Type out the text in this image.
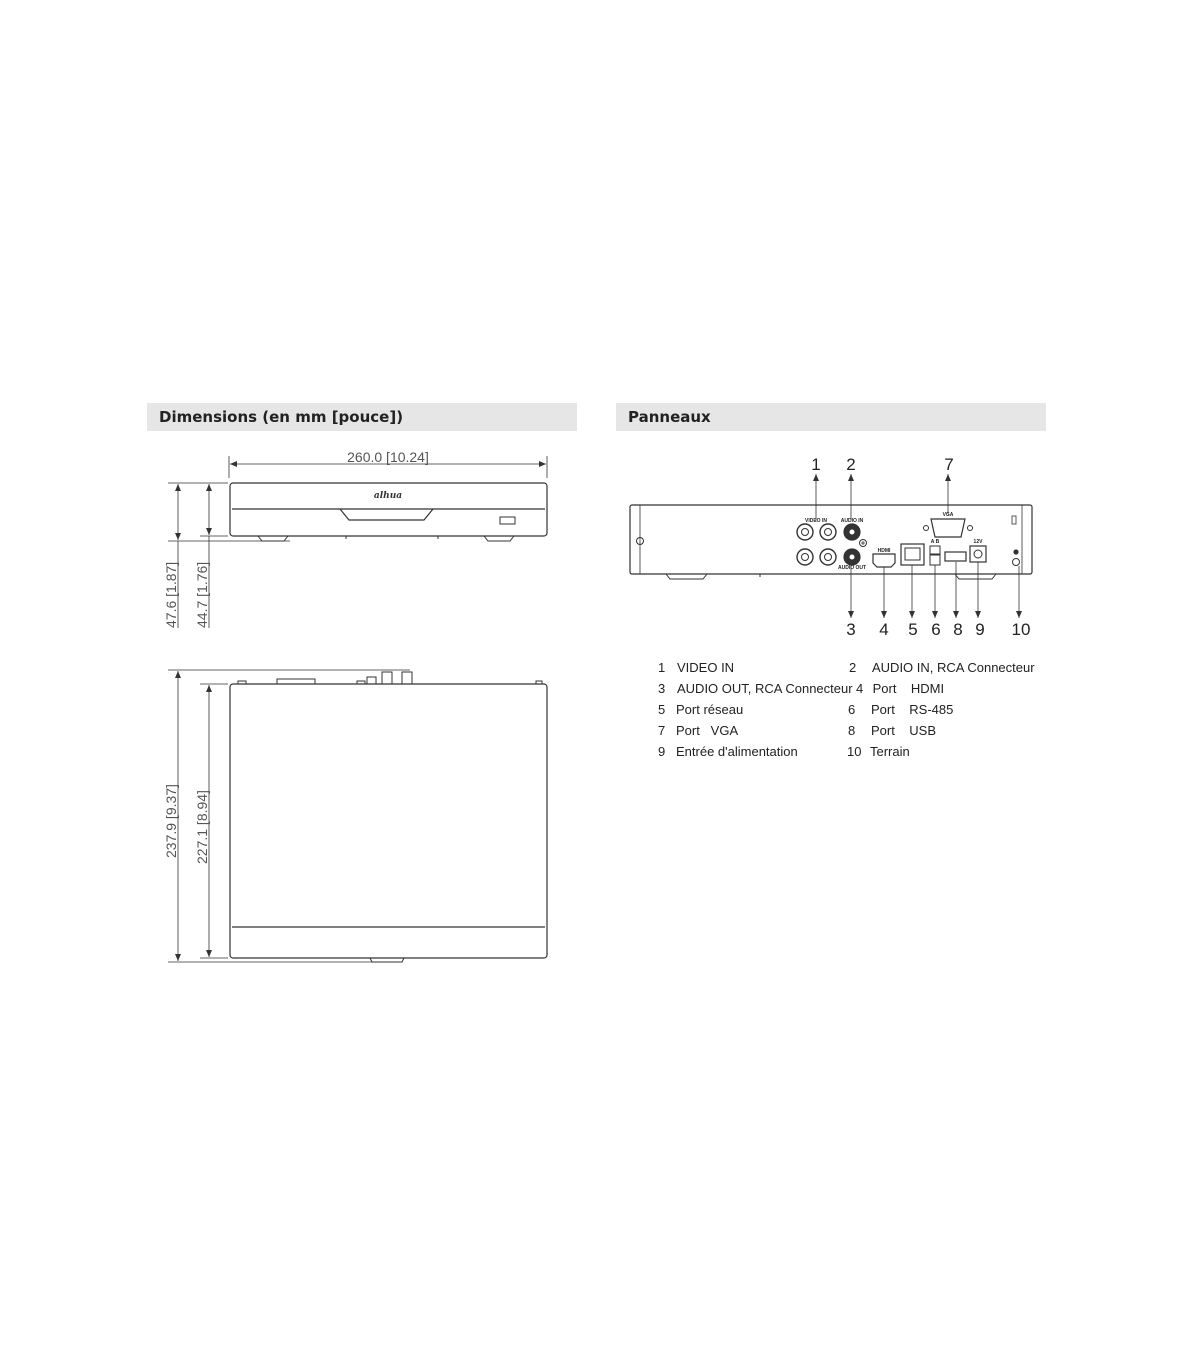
Dimensions (en mm [pouce])	Panneaux
260.0 [10.24]
alhua
47.6 [1.87] 44.7 [1.76]
237.9 [9.37] 227.1 [8.94]
VIDEO IN	AUDIO IN
AUDIO OUT
VGA
HDMI
A B	12V
1 2	7
3 4 5 6 8 9 10
1 VIDEO IN	2 AUDIO IN, RCA Connecteur
3 AUDIO OUT, RCA Connecteur 4 Port    HDMI
5 Port réseau	6 Port    RS-485
7 Port   VGA	8 Port    USB
9 Entrée d'alimentation	10 Terrain
